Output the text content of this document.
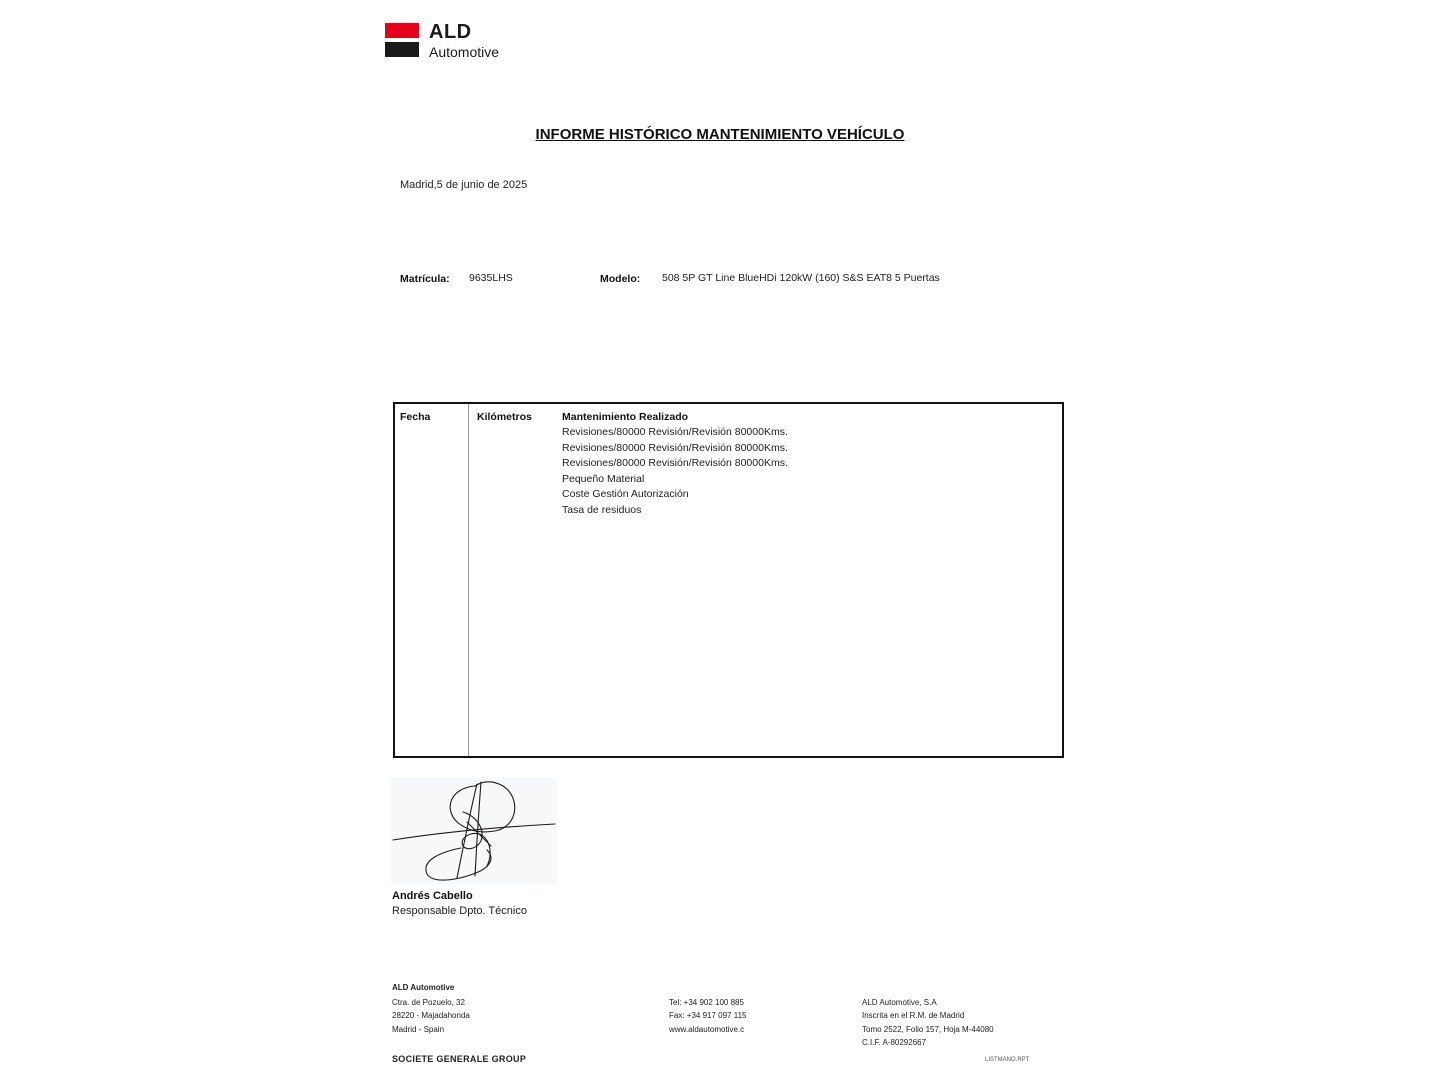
ALD
Automotive
INFORME HISTÓRICO MANTENIMIENTO VEHÍCULO
Madrid,5 de junio de 2025
Matrícula: 9635LHS	Modelo: 508 5P GT Line BlueHDi 120kW (160) S&S EAT8 5 Puertas
Fecha	Kilómetros	Mantenimiento Realizado
Revisiones/80000 Revisión/Revisión 80000Kms.
Revisiones/80000 Revisión/Revisión 80000Kms.
Revisiones/80000 Revisión/Revisión 80000Kms.
Pequeño Material
Coste Gestión Autorización
Tasa de residuos
Andrés Cabello
Responsable Dpto. Técnico
ALD Automotive
Ctra. de Pozuelo, 32
28220 - Majadahonda
Madrid - Spain
SOCIETE GENERALE GROUP
Tel: +34 902 100 885
Fax: +34 917 097 115
www.aldautomotive.c
ALD Automotive, S.A
Inscrita en el R.M. de Madrid
Tomo 2522, Folio 157, Hoja M-44080
C.I.F. A-80292667
LISTMANO.RPT
